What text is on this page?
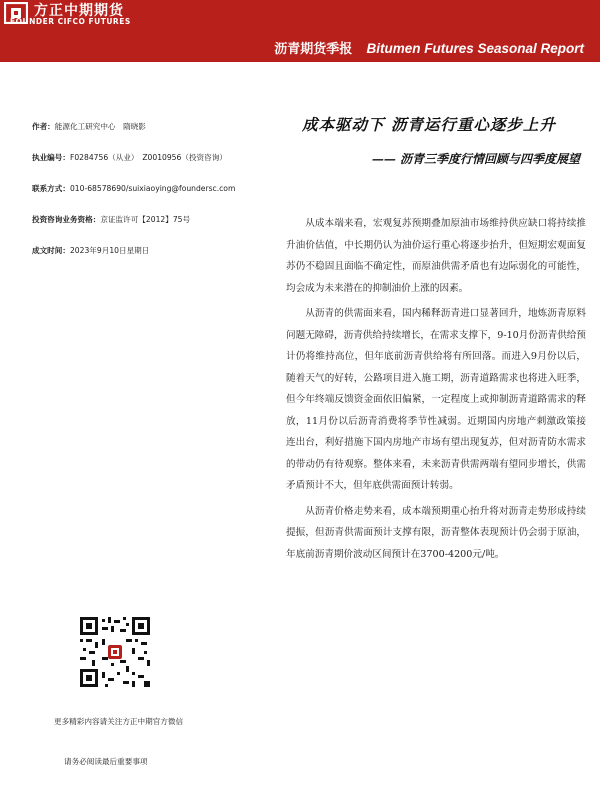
方正中期期货
FOUNDER CIFCO FUTURES
沥青期货季报 Bitumen Futures Seasonal Report
作者：能源化工研究中心　隋晓影
执业编号：F0284756（从业）　Z0010956（投资咨询）
联系方式：010-68578690/suixiaoying@foundersc.com
投资咨询业务资格：京证监许可【2012】75号
成文时间：2023年9月10日星期日
更多精彩内容请关注方正中期官方微信
请务必阅读最后重要事项
成本驱动下 沥青运行重心逐步上升
—— 沥青三季度行情回顾与四季度展望

从成本端来看，宏观复苏预期叠加原油市场维持供应缺口将持续推升油价估值，中长期仍认为油价运行重心将逐步抬升，但短期宏观面复苏仍不稳固且面临不确定性，而原油供需矛盾也有边际弱化的可能性，均会成为未来潜在的抑制油价上涨的因素。

从沥青的供需面来看，国内稀释沥青进口显著回升，地炼沥青原料问题无障碍，沥青供给持续增长，在需求支撑下，9-10月份沥青供给预计仍将维持高位，但年底前沥青供给将有所回落。而进入9月份以后，随着天气的好转，公路项目进入施工期，沥青道路需求也将进入旺季，但今年终端反馈资金面依旧偏紧，一定程度上或抑制沥青道路需求的释放，11月份以后沥青消费将季节性减弱。近期国内房地产刺激政策接连出台，利好措施下国内房地产市场有望出现复苏，但对沥青防水需求的带动仍有待观察。整体来看，未来沥青供需两端有望同步增长，供需矛盾预计不大，但年底供需面预计转弱。

从沥青价格走势来看，成本端预期重心抬升将对沥青走势形成持续提振，但沥青供需面预计支撑有限，沥青整体表现预计仍会弱于原油，年底前沥青期价波动区间预计在3700-4200元/吨。
